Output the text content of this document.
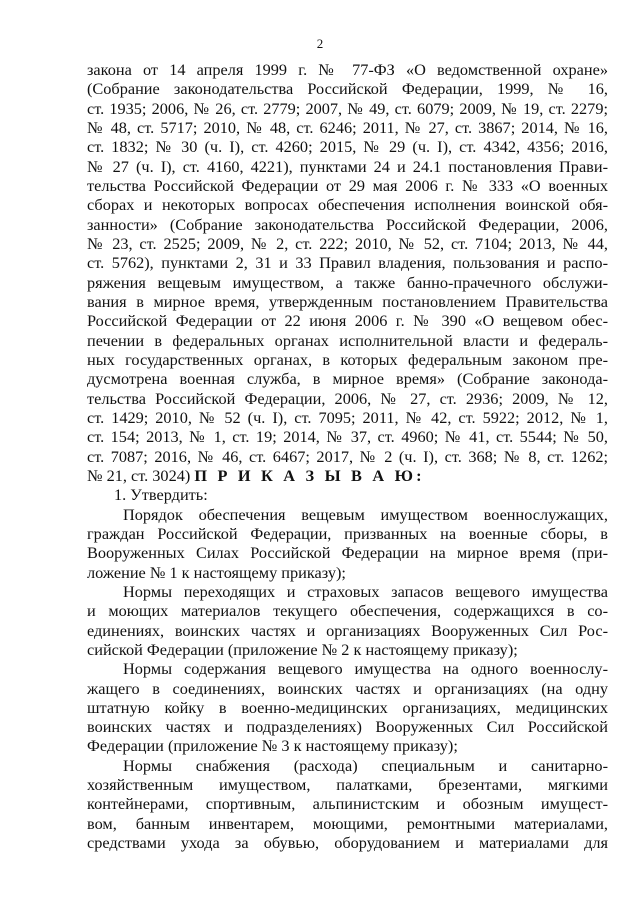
2
закона от 14 апреля 1999 г. № 77-ФЗ «О ведомственной охране»
(Собрание законодательства Российской Федерации, 1999, № 16,
ст. 1935; 2006, № 26, ст. 2779; 2007, № 49, ст. 6079; 2009, № 19, ст. 2279;
№ 48, ст. 5717; 2010, № 48, ст. 6246; 2011, № 27, ст. 3867; 2014, № 16,
ст. 1832; № 30 (ч. I), ст. 4260; 2015, № 29 (ч. I), ст. 4342, 4356; 2016,
№ 27 (ч. I), ст. 4160, 4221), пунктами 24 и 24.1 постановления Прави-
тельства Российской Федерации от 29 мая 2006 г. № 333 «О военных
сборах и некоторых вопросах обеспечения исполнения воинской обя-
занности» (Собрание законодательства Российской Федерации, 2006,
№ 23, ст. 2525; 2009, № 2, ст. 222; 2010, № 52, ст. 7104; 2013, № 44,
ст. 5762), пунктами 2, 31 и 33 Правил владения, пользования и распо-
ряжения вещевым имуществом, а также банно-прачечного обслужи-
вания в мирное время, утвержденным постановлением Правительства
Российской Федерации от 22 июня 2006 г. № 390 «О вещевом обес-
печении в федеральных органах исполнительной власти и федераль-
ных государственных органах, в которых федеральным законом пре-
дусмотрена военная служба, в мирное время» (Собрание законода-
тельства Российской Федерации, 2006, № 27, ст. 2936; 2009, № 12,
ст. 1429; 2010, № 52 (ч. I), ст. 7095; 2011, № 42, ст. 5922; 2012, № 1,
ст. 154; 2013, № 1, ст. 19; 2014, № 37, ст. 4960; № 41, ст. 5544; № 50,
ст. 7087; 2016, № 46, ст. 6467; 2017, № 2 (ч. I), ст. 368; № 8, ст. 1262;
№ 21, ст. 3024) П Р И К А З Ы В А Ю:
1. Утвердить:
Порядок обеспечения вещевым имуществом военнослужащих,
граждан Российской Федерации, призванных на военные сборы, в
Вооруженных Силах Российской Федерации на мирное время (при-
ложение № 1 к настоящему приказу);
Нормы переходящих и страховых запасов вещевого имущества
и моющих материалов текущего обеспечения, содержащихся в со-
единениях, воинских частях и организациях Вооруженных Сил Рос-
сийской Федерации (приложение № 2 к настоящему приказу);
Нормы содержания вещевого имущества на одного военнослу-
жащего в соединениях, воинских частях и организациях (на одну
штатную койку в военно-медицинских организациях, медицинских
воинских частях и подразделениях) Вооруженных Сил Российской
Федерации (приложение № 3 к настоящему приказу);
Нормы снабжения (расхода) специальным и санитарно-
хозяйственным имуществом, палатками, брезентами, мягкими
контейнерами, спортивным, альпинистским и обозным имущест-
вом, банным инвентарем, моющими, ремонтными материалами,
средствами ухода за обувью, оборудованием и материалами для
